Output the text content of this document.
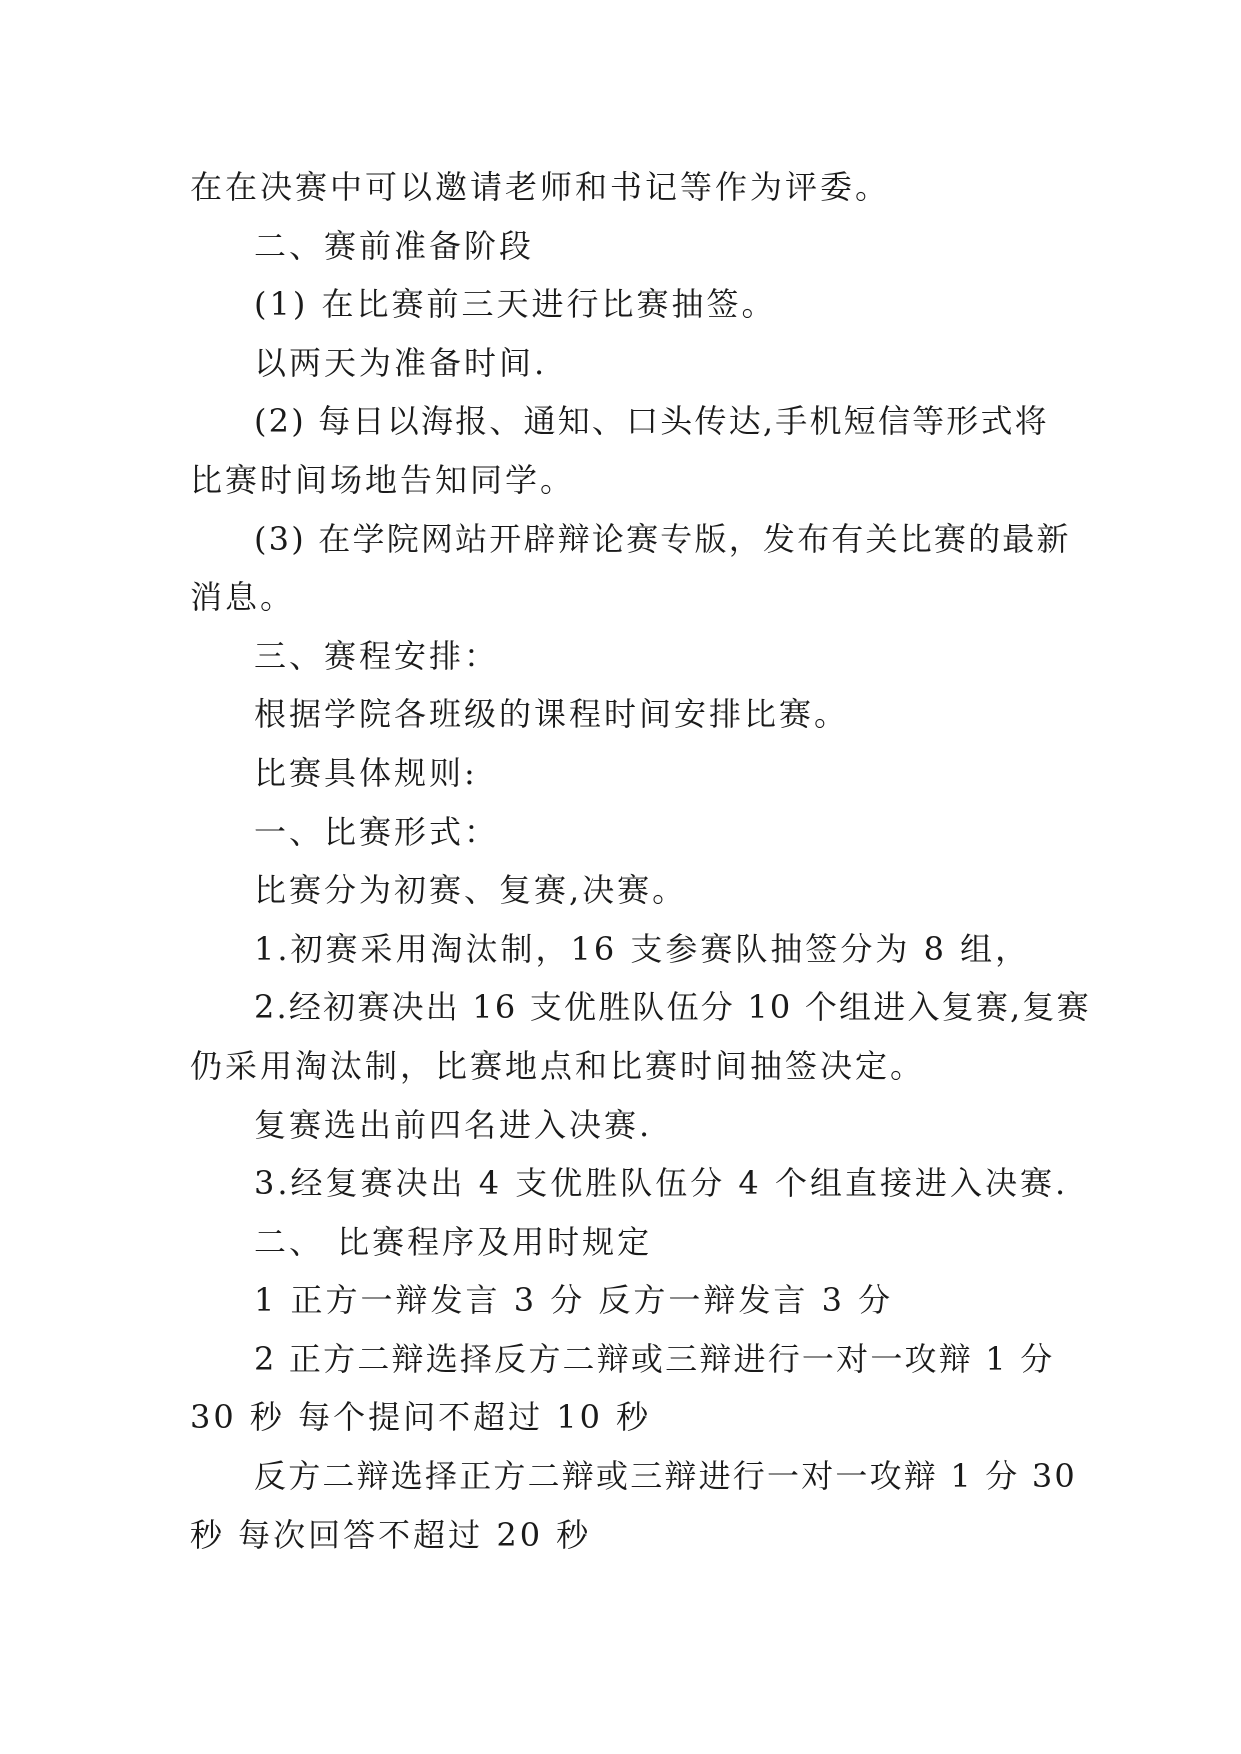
在在决赛中可以邀请老师和书记等作为评委。
二、赛前准备阶段
(1) 在比赛前三天进行比赛抽签。
以两天为准备时间.
(2) 每日以海报、通知、口头传达,手机短信等形式将
比赛时间场地告知同学。
(3) 在学院网站开辟辩论赛专版，发布有关比赛的最新
消息。
三、赛程安排：
根据学院各班级的课程时间安排比赛。
比赛具体规则:
一、比赛形式：
比赛分为初赛、复赛,决赛。
1.初赛采用淘汰制，16 支参赛队抽签分为 8 组，
2.经初赛决出 16 支优胜队伍分 10 个组进入复赛,复赛
仍采用淘汰制，比赛地点和比赛时间抽签决定。
复赛选出前四名进入决赛.
3.经复赛决出 4 支优胜队伍分 4 个组直接进入决赛.
二、 比赛程序及用时规定
1 正方一辩发言 3 分 反方一辩发言 3 分
2 正方二辩选择反方二辩或三辩进行一对一攻辩 1 分
30 秒 每个提问不超过 10 秒
反方二辩选择正方二辩或三辩进行一对一攻辩 1 分 30
秒 每次回答不超过 20 秒
